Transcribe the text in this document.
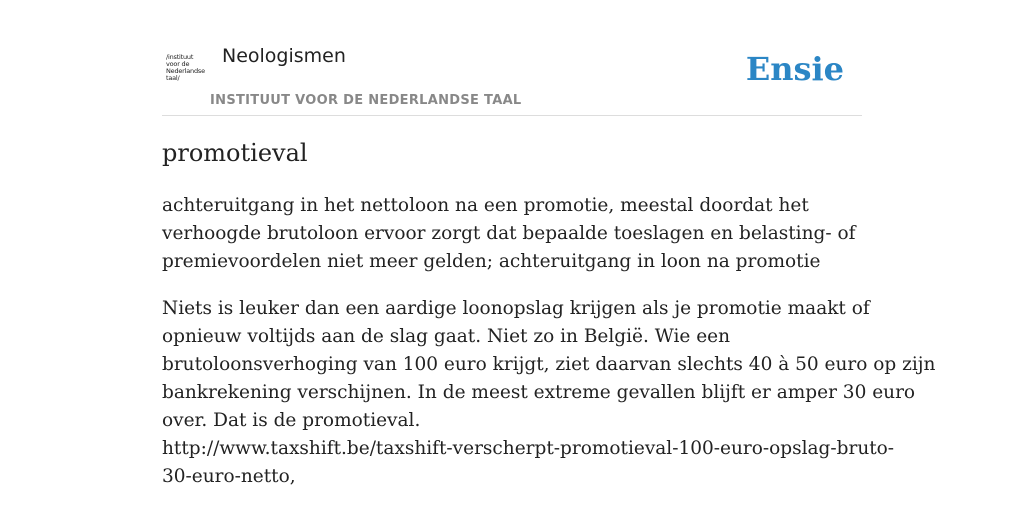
/instituut
voor de
Nederlandse
taal/
Neologismen
INSTITUUT VOOR DE NEDERLANDSE TAAL
Ensie
promotieval

achteruitgang in het nettoloon na een promotie, meestal doordat het verhoogde brutoloon ervoor zorgt dat bepaalde toeslagen en belasting- of premievoordelen niet meer gelden; achteruitgang in loon na promotie

Niets is leuker dan een aardige loonopslag krijgen als je promotie maakt of
opnieuw voltijds aan de slag gaat. Niet zo in België. Wie een
brutoloonsverhoging van 100 euro krijgt, ziet daarvan slechts 40 à 50 euro op zijn
bankrekening verschijnen. In de meest extreme gevallen blijft er amper 30 euro
over. Dat is de promotieval.
http://www.taxshift.be/taxshift-verscherpt-promotieval-100-euro-opslag-bruto-
30-euro-netto,
